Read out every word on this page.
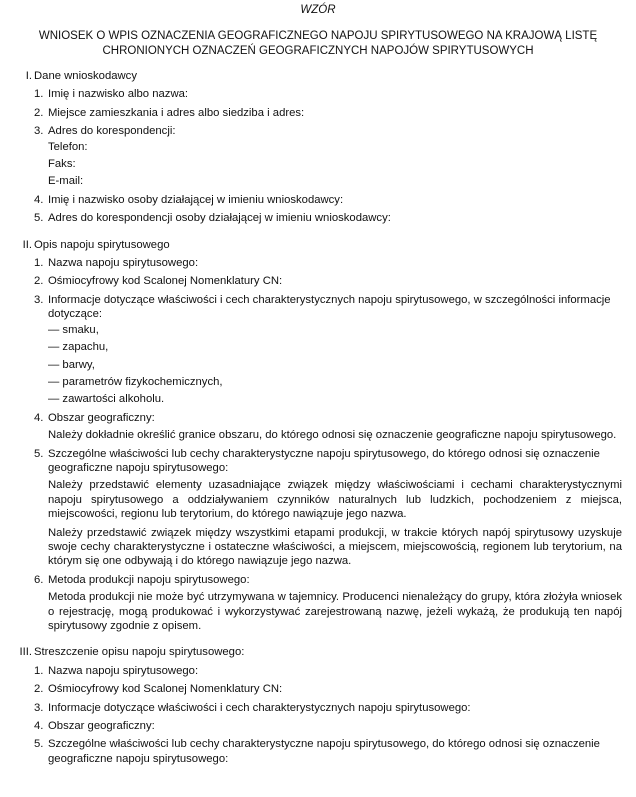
WZÓR
WNIOSEK O WPIS OZNACZENIA GEOGRAFICZNEGO NAPOJU SPIRYTUSOWEGO NA KRAJOWĄ LISTĘ
CHRONIONYCH OZNACZEŃ GEOGRAFICZNYCH NAPOJÓW SPIRYTUSOWYCH
I. Dane wnioskodawcy
1. Imię i nazwisko albo nazwa:
2. Miejsce zamieszkania i adres albo siedziba i adres:
3. Adres do korespondencji:
Telefon:
Faks:
E-mail:
4. Imię i nazwisko osoby działającej w imieniu wnioskodawcy:
5. Adres do korespondencji osoby działającej w imieniu wnioskodawcy:
II. Opis napoju spirytusowego
1. Nazwa napoju spirytusowego:
2. Ośmiocyfrowy kod Scalonej Nomenklatury CN:
3. Informacje dotyczące właściwości i cech charakterystycznych napoju spirytusowego, w szczególności informacje dotyczące:
— smaku,
— zapachu,
— barwy,
— parametrów fizykochemicznych,
— zawartości alkoholu.
4. Obszar geograficzny:
Należy dokładnie określić granice obszaru, do którego odnosi się oznaczenie geograficzne napoju spirytusowego.
5. Szczególne właściwości lub cechy charakterystyczne napoju spirytusowego, do którego odnosi się oznaczenie geograficzne napoju spirytusowego:
Należy przedstawić elementy uzasadniające związek między właściwościami i cechami charakterystycznymi napoju spirytusowego a oddziaływaniem czynników naturalnych lub ludzkich, pochodzeniem z miejsca, miejscowości, regionu lub terytorium, do którego nawiązuje jego nazwa.
Należy przedstawić związek między wszystkimi etapami produkcji, w trakcie których napój spirytusowy uzyskuje swoje cechy charakterystyczne i ostateczne właściwości, a miejscem, miejscowością, regionem lub terytorium, na którym się one odbywają i do którego nawiązuje jego nazwa.
6. Metoda produkcji napoju spirytusowego:
Metoda produkcji nie może być utrzymywana w tajemnicy. Producenci nienależący do grupy, która złożyła wniosek o rejestrację, mogą produkować i wykorzystywać zarejestrowaną nazwę, jeżeli wykażą, że produkują ten napój spirytusowy zgodnie z opisem.
III. Streszczenie opisu napoju spirytusowego:
1. Nazwa napoju spirytusowego:
2. Ośmiocyfrowy kod Scalonej Nomenklatury CN:
3. Informacje dotyczące właściwości i cech charakterystycznych napoju spirytusowego:
4. Obszar geograficzny:
5. Szczególne właściwości lub cechy charakterystyczne napoju spirytusowego, do którego odnosi się oznaczenie geograficzne napoju spirytusowego:
